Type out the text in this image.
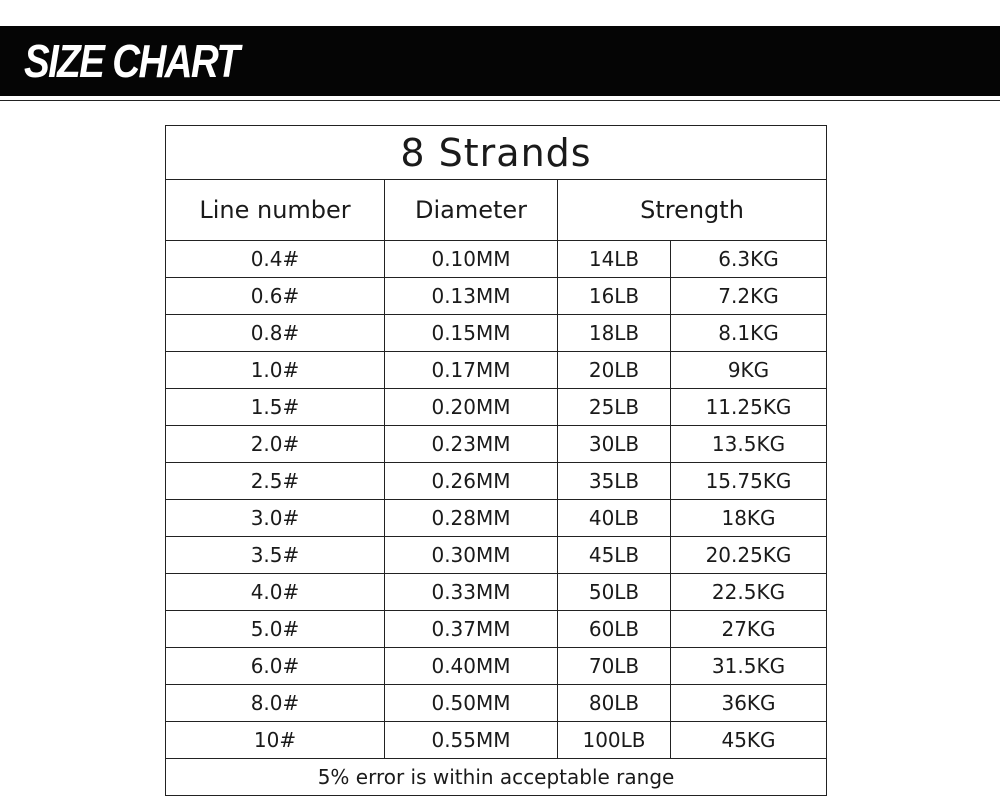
SIZE CHART
8 Strands			
Line number	Diameter	Strength	
0.4#	0.10MM	14LB	6.3KG
0.6#	0.13MM	16LB	7.2KG
0.8#	0.15MM	18LB	8.1KG
1.0#	0.17MM	20LB	9KG
1.5#	0.20MM	25LB	11.25KG
2.0#	0.23MM	30LB	13.5KG
2.5#	0.26MM	35LB	15.75KG
3.0#	0.28MM	40LB	18KG
3.5#	0.30MM	45LB	20.25KG
4.0#	0.33MM	50LB	22.5KG
5.0#	0.37MM	60LB	27KG
6.0#	0.40MM	70LB	31.5KG
8.0#	0.50MM	80LB	36KG
10#	0.55MM	100LB	45KG
5% error is within acceptable range			
